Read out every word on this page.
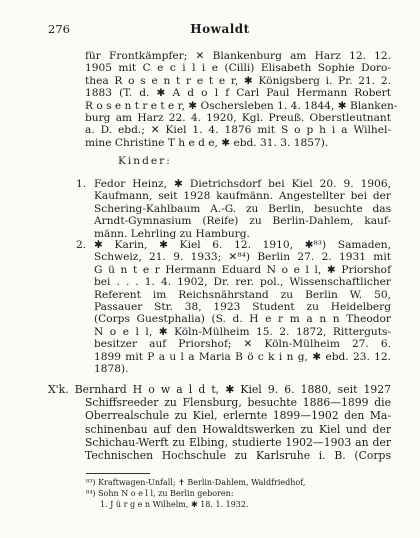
276	Howaldt
für Frontkämpfer; ✕ Blankenburg am Harz 12. 12.
1905 mit C e c i l i e (Cilli) Elisabeth Sophie Doro-
thea R o s e n t r e t e r, ✱ Königsberg i. Pr. 21. 2.
1883 (T. d. ✱ A d o l f Carl Paul Hermann Robert
R o s e n t r e t e r, ✱ Oschersleben 1. 4. 1844, ✱ Blanken-
burg am Harz 22. 4. 1920, Kgl. Preuß. Oberstleutnant
a. D. ebd.; ✕ Kiel 1. 4. 1876 mit S o p h i a Wilhel-
mine Christine T h e d e, ✱ ebd. 31. 3. 1857).
Kinder:
1. Fedor Heinz, ✱ Dietrichsdorf bei Kiel 20. 9. 1906,
Kaufmann, seit 1928 kaufmänn. Angestellter bei der
Schering-Kahlbaum A.-G. zu Berlin, besuchte das
Arndt-Gymnasium (Reife) zu Berlin-Dahlem, kauf-
männ. Lehrling zu Hamburg.
2. ✱ Karin, ✱ Kiel 6. 12. 1910, ✱⁸³) Samaden,
Schweiz, 21. 9. 1933; ✕⁸⁴) Berlin 27. 2. 1931 mit
G ü n t e r Hermann Eduard N o e l l, ✱ Priorshof
bei . . . 1. 4. 1902, Dr. rer. pol., Wissenschaftlicher
Referent im Reichsnährstand zu Berlin W. 50,
Passauer Str. 38, 1923 Student zu Heidelberg
(Corps Guestphalia) (S. d. H e r m a n n Theodor
N o e l l, ✱ Köln-Mülheim 15. 2. 1872, Ritterguts-
besitzer auf Priorshof; ✕ Köln-Mülheim 27. 6.
1899 mit P a u l a Maria B ö c k i n g, ✱ ebd. 23. 12.
1878).
X'k. Bernhard H o w a l d t, ✱ Kiel 9. 6. 1880, seit 1927
Schiffsreeder zu Flensburg, besuchte 1886—1899 die
Oberrealschule zu Kiel, erlernte 1899—1902 den Ma-
schinenbau auf den Howaldtswerken zu Kiel und der
Schichau-Werft zu Elbing, studierte 1902—1903 an der
Technischen Hochschule zu Karlsruhe i. B. (Corps
⁸³) Kraftwagen-Unfall; ✝ Berlin-Dahlem, Waldfriedhof,
⁸⁴) Sohn N o e l l, zu Berlin geboren:
1. J ü r g e n Wilhelm, ✱ 18. 1. 1932.
